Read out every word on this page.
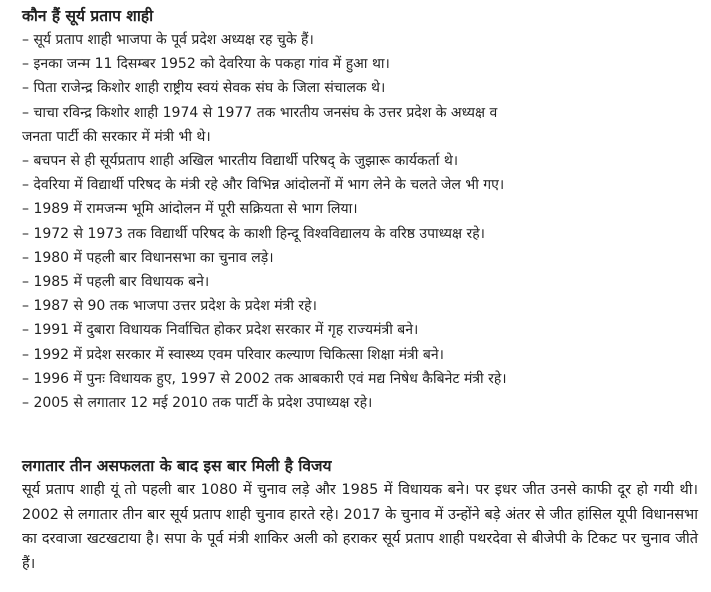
कौन हैं सूर्य प्रताप शाही
– सूर्य प्रताप शाही भाजपा के पूर्व प्रदेश अध्यक्ष रह चुके हैं।
– इनका जन्म 11 दिसम्बर 1952 को देवरिया के पकहा गांव में हुआ था।
– पिता राजेन्द्र किशोर शाही राष्ट्रीय स्वयं सेवक संघ के जिला संचालक थे।
– चाचा रविन्द्र किशोर शाही 1974 से 1977 तक भारतीय जनसंघ के उत्तर प्रदेश के अध्यक्ष व
जनता पार्टी की सरकार में मंत्री भी थे।
– बचपन से ही सूर्यप्रताप शाही अखिल भारतीय विद्यार्थी परिषद् के जुझारू कार्यकर्ता थे।
– देवरिया में विद्यार्थी परिषद के मंत्री रहे और विभिन्न आंदोलनों में भाग लेने के चलते जेल भी गए।
– 1989 में रामजन्म भूमि आंदोलन में पूरी सक्रियता से भाग लिया।
– 1972 से 1973 तक विद्यार्थी परिषद के काशी हिन्दू विश्वविद्यालय के वरिष्ठ उपाध्यक्ष रहे।
– 1980 में पहली बार विधानसभा का चुनाव लड़े।
– 1985 में पहली बार विधायक बने।
– 1987 से 90 तक भाजपा उत्तर प्रदेश के प्रदेश मंत्री रहे।
– 1991 में दुबारा विधायक निर्वाचित होकर प्रदेश सरकार में गृह राज्यमंत्री बने।
– 1992 में प्रदेश सरकार में स्वास्थ्य एवम परिवार कल्याण चिकित्सा शिक्षा मंत्री बने।
– 1996 में पुनः विधायक हुए, 1997 से 2002 तक आबकारी एवं मद्य निषेध कैबिनेट मंत्री रहे।
– 2005 से लगातार 12 मई 2010 तक पार्टी के प्रदेश उपाध्यक्ष रहे।
लगातार तीन असफलता के बाद इस बार मिली है विजय
सूर्य प्रताप शाही यूं तो पहली बार 1080 में चुनाव लड़े और 1985 में विधायक बने। पर इधर जीत उनसे काफी दूर हो गयी थी। 2002 से लगातार तीन बार सूर्य प्रताप शाही चुनाव हारते रहे। 2017 के चुनाव में उन्होंने बड़े अंतर से जीत हांसिल यूपी विधानसभा का दरवाजा खटखटाया है। सपा के पूर्व मंत्री शाकिर अली को हराकर सूर्य प्रताप शाही पथरदेवा से बीजेपी के टिकट पर चुनाव जीते हैं।
